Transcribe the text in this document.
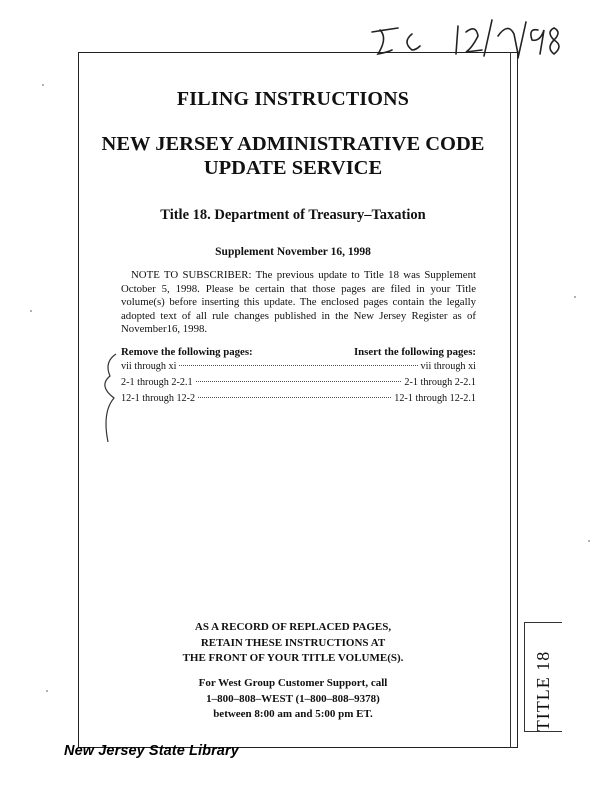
FILING INSTRUCTIONS
NEW JERSEY ADMINISTRATIVE CODE
UPDATE SERVICE
Title 18. Department of Treasury–Taxation
Supplement November 16, 1998
NOTE TO SUBSCRIBER: The previous update to Title 18 was Supplement October 5, 1998. Please be certain that those pages are filed in your Title volume(s) before inserting this update. The enclosed pages contain the legally adopted text of all rule changes published in the New Jersey Register as of November16, 1998.
Remove the following pages:	Insert the following pages:
vii through xi	vii through xi
2-1 through 2-2.1	2-1 through 2-2.1
12-1 through 12-2	12-1 through 12-2.1
AS A RECORD OF REPLACED PAGES,
RETAIN THESE INSTRUCTIONS AT
THE FRONT OF YOUR TITLE VOLUME(S).
For West Group Customer Support, call
1–800–808–WEST (1–800–808–9378)
between 8:00 am and 5:00 pm ET.	TITLE 18
New Jersey State Library
